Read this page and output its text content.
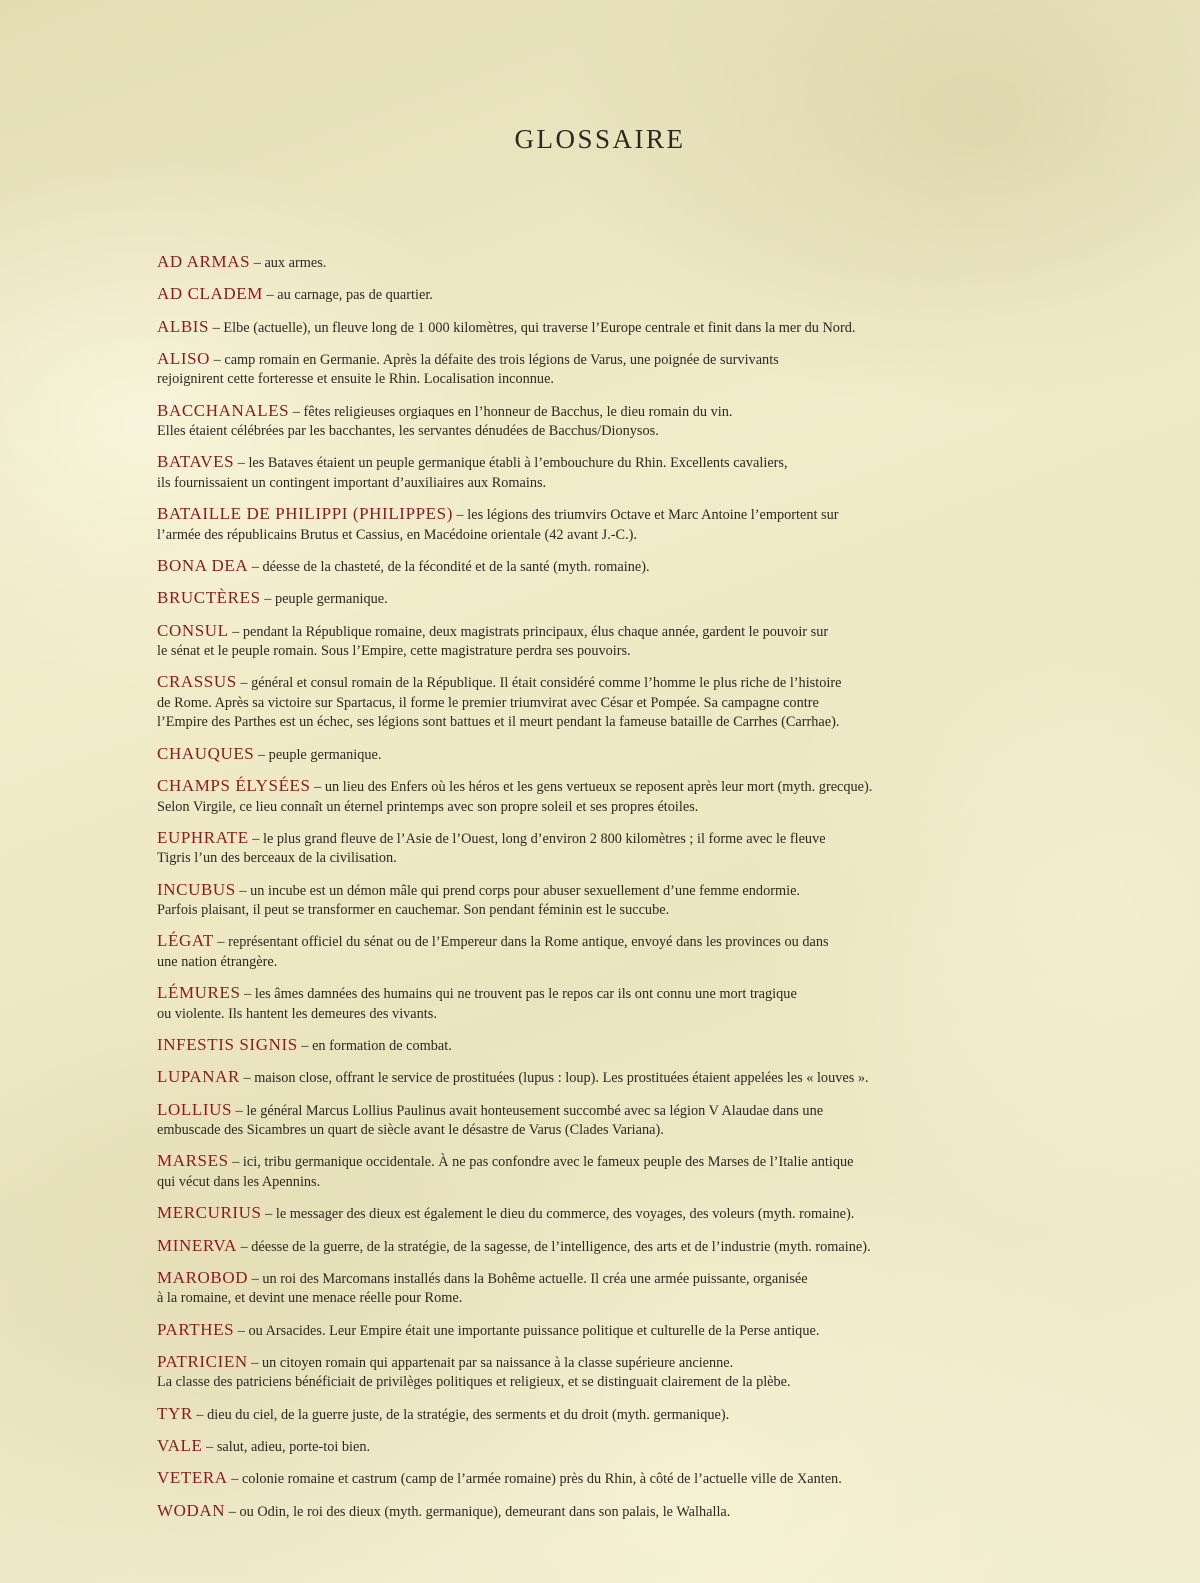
GLOSSAIRE

AD ARMAS – aux armes.

AD CLADEM – au carnage, pas de quartier.

ALBIS – Elbe (actuelle), un fleuve long de 1 000 kilomètres, qui traverse l’Europe centrale et finit dans la mer du Nord.

ALISO – camp romain en Germanie. Après la défaite des trois légions de Varus, une poignée de survivants
rejoignirent cette forteresse et ensuite le Rhin. Localisation inconnue.

BACCHANALES – fêtes religieuses orgiaques en l’honneur de Bacchus, le dieu romain du vin.
Elles étaient célébrées par les bacchantes, les servantes dénudées de Bacchus/Dionysos.

BATAVES – les Bataves étaient un peuple germanique établi à l’embouchure du Rhin. Excellents cavaliers,
ils fournissaient un contingent important d’auxiliaires aux Romains.

BATAILLE DE PHILIPPI (PHILIPPES) – les légions des triumvirs Octave et Marc Antoine l’emportent sur
l’armée des républicains Brutus et Cassius, en Macédoine orientale (42 avant J.-C.).

BONA DEA – déesse de la chasteté, de la fécondité et de la santé (myth. romaine).

BRUCTÈRES – peuple germanique.

CONSUL – pendant la République romaine, deux magistrats principaux, élus chaque année, gardent le pouvoir sur
le sénat et le peuple romain. Sous l’Empire, cette magistrature perdra ses pouvoirs.

CRASSUS – général et consul romain de la République. Il était considéré comme l’homme le plus riche de l’histoire
de Rome. Après sa victoire sur Spartacus, il forme le premier triumvirat avec César et Pompée. Sa campagne contre
l’Empire des Parthes est un échec, ses légions sont battues et il meurt pendant la fameuse bataille de Carrhes (Carrhae).

CHAUQUES – peuple germanique.

CHAMPS ÉLYSÉES – un lieu des Enfers où les héros et les gens vertueux se reposent après leur mort (myth. grecque).
Selon Virgile, ce lieu connaît un éternel printemps avec son propre soleil et ses propres étoiles.

EUPHRATE – le plus grand fleuve de l’Asie de l’Ouest, long d’environ 2 800 kilomètres ; il forme avec le fleuve
Tigris l’un des berceaux de la civilisation.

INCUBUS – un incube est un démon mâle qui prend corps pour abuser sexuellement d’une femme endormie.
Parfois plaisant, il peut se transformer en cauchemar. Son pendant féminin est le succube.

LÉGAT – représentant officiel du sénat ou de l’Empereur dans la Rome antique, envoyé dans les provinces ou dans
une nation étrangère.

LÉMURES – les âmes damnées des humains qui ne trouvent pas le repos car ils ont connu une mort tragique
ou violente. Ils hantent les demeures des vivants.

INFESTIS SIGNIS – en formation de combat.

LUPANAR – maison close, offrant le service de prostituées (lupus : loup). Les prostituées étaient appelées les « louves ».

LOLLIUS – le général Marcus Lollius Paulinus avait honteusement succombé avec sa légion V Alaudae dans une
embuscade des Sicambres un quart de siècle avant le désastre de Varus (Clades Variana).

MARSES – ici, tribu germanique occidentale. À ne pas confondre avec le fameux peuple des Marses de l’Italie antique
qui vécut dans les Apennins.

MERCURIUS – le messager des dieux est également le dieu du commerce, des voyages, des voleurs (myth. romaine).

MINERVA – déesse de la guerre, de la stratégie, de la sagesse, de l’intelligence, des arts et de l’industrie (myth. romaine).

MAROBOD – un roi des Marcomans installés dans la Bohême actuelle. Il créa une armée puissante, organisée
à la romaine, et devint une menace réelle pour Rome.

PARTHES – ou Arsacides. Leur Empire était une importante puissance politique et culturelle de la Perse antique.

PATRICIEN – un citoyen romain qui appartenait par sa naissance à la classe supérieure ancienne.
La classe des patriciens bénéficiait de privilèges politiques et religieux, et se distinguait clairement de la plèbe.

TYR – dieu du ciel, de la guerre juste, de la stratégie, des serments et du droit (myth. germanique).

VALE – salut, adieu, porte-toi bien.

VETERA – colonie romaine et castrum (camp de l’armée romaine) près du Rhin, à côté de l’actuelle ville de Xanten.

WODAN – ou Odin, le roi des dieux (myth. germanique), demeurant dans son palais, le Walhalla.
